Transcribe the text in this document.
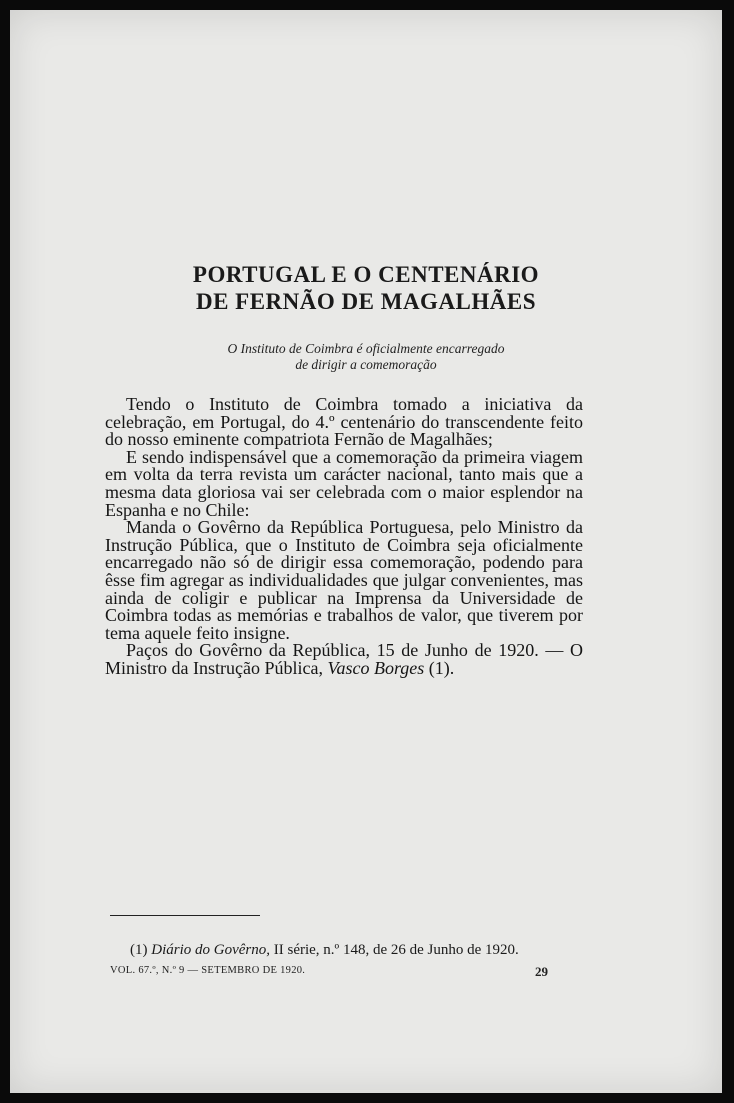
PORTUGAL E O CENTENÁRIO
DE FERNÃO DE MAGALHÃES
O Instituto de Coimbra é oficialmente encarregado
de dirigir a comemoração

Tendo o Instituto de Coimbra tomado a iniciativa da celebração, em Portugal, do 4.º centenário do transcendente feito do nosso eminente compatriota Fernão de Magalhães;

E sendo indispensável que a comemoração da primeira viagem em volta da terra revista um carácter nacional, tanto mais que a mesma data gloriosa vai ser celebrada com o maior esplendor na Espanha e no Chile:

Manda o Govêrno da República Portuguesa, pelo Ministro da Instrução Pública, que o Instituto de Coimbra seja oficialmente encarregado não só de dirigir essa comemoração, podendo para êsse fim agregar as individualidades que julgar convenientes, mas ainda de coligir e publicar na Imprensa da Universidade de Coimbra todas as memórias e trabalhos de valor, que tiverem por tema aquele feito insigne.

Paços do Govêrno da República, 15 de Junho de 1920. — O Ministro da Instrução Pública, Vasco Borges (1).

(1) Diário do Govêrno, II série, n.º 148, de 26 de Junho de 1920.
VOL. 67.º, N.º 9 — SETEMBRO DE 1920.	29
